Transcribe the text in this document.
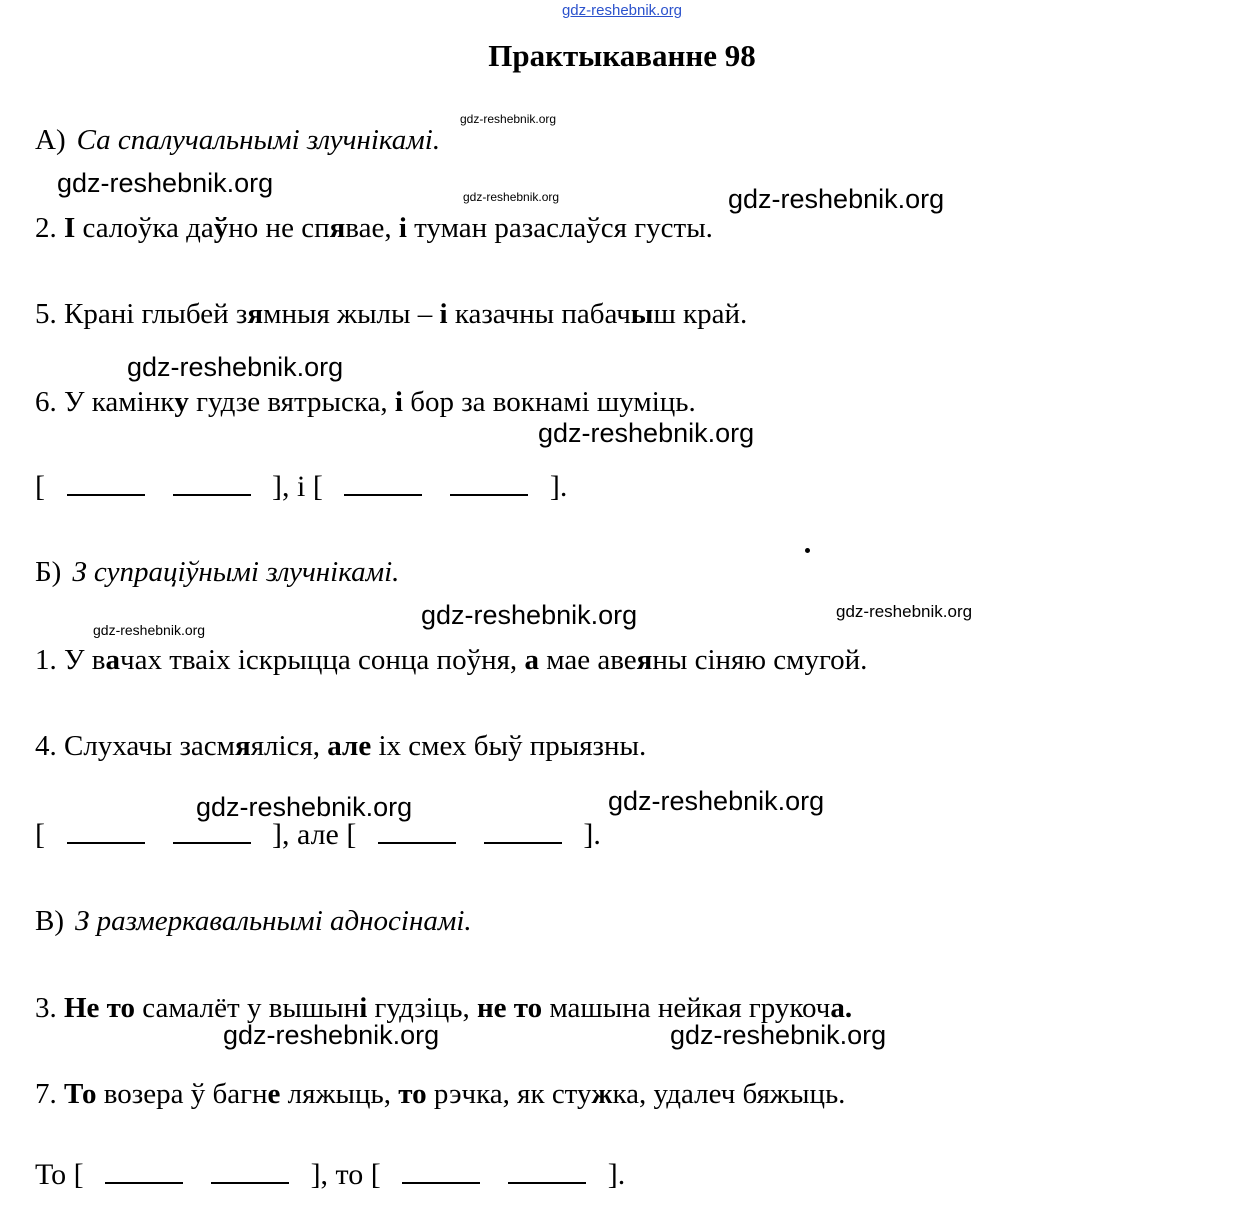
gdz-reshebnik.org
Практыкаванне 98
gdz-reshebnik.org
А) Са спалучальнымі злучнікамі.
gdz-reshebnik.org	gdz-reshebnik.org	gdz-reshebnik.org
2. І салоўка даўно не спявае, і туман разаслаўся густы.
5. Крані глыбей зямныя жылы – і казачны пабачыш край.
gdz-reshebnik.org
6. У камінку гудзе вятрыска, і бор за вокнамі шуміць.
gdz-reshebnik.org
[	], і [	].
Б) З супраціўнымі злучнікамі.
gdz-reshebnik.org	gdz-reshebnik.org
gdz-reshebnik.org
1. У вачах тваіх іскрыцца сонца поўня, а мае авеяны сіняю смугой.
4. Слухачы засмяяліся, але іх смех быў прыязны.
gdz-reshebnik.org	gdz-reshebnik.org
[	], але [	].
В) З размеркавальнымі адносінамі.
3. Не то самалёт у вышыні гудзіць, не то машына нейкая грукоча.
gdz-reshebnik.org	gdz-reshebnik.org
7. То возера ў багне ляжыць, то рэчка, як стужка, удалеч бяжыць.
То [	], то [	].
